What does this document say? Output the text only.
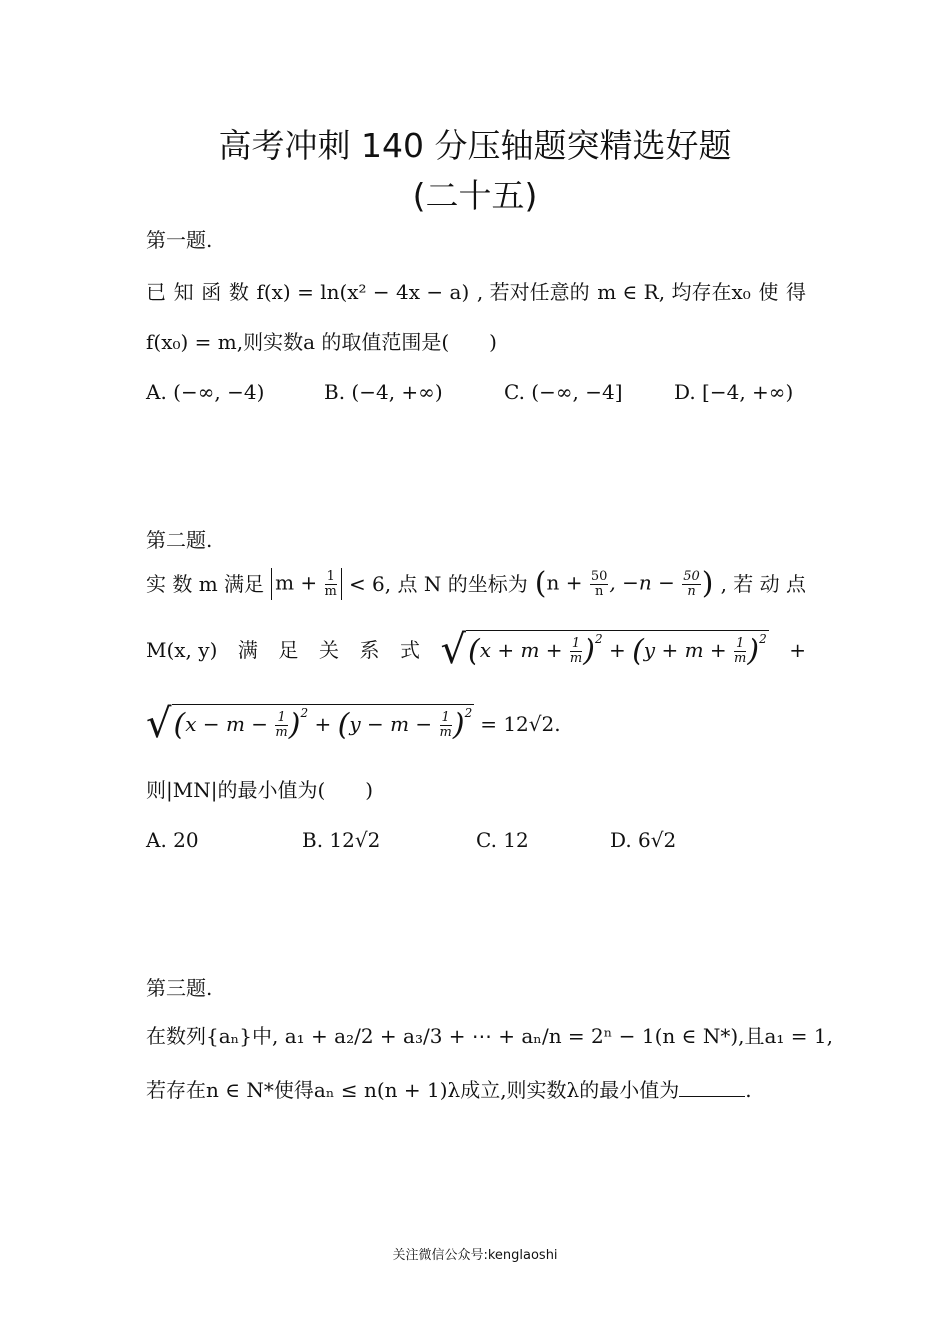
高考冲刺 140 分压轴题突精选好题
(二十五)
第一题.
已 知 函 数 f(x) = ln(x² − 4x − a) , 若对任意的 m ∈ R, 均存在x₀ 使 得
f(x₀) = m,则实数a 的取值范围是(　　)
A. (−∞, −4)	B. (−4, +∞)	C. (−∞, −4]	D. [−4, +∞)
第二题.
实 数 m 满足 $m + \frac{1}{m} < 6$, 点 N 的坐标为 ($n + \frac{50}{n}$ , $-n - \frac{50}{n}$ ) , 若 动 点
M(x, y) 满 足 关 系 式 √ $(x + m + \frac{1}{m} )^2 + (y + m + \frac{1}{m} )^2$ +
√ $(x - m - \frac{1}{m} )^2 + (y - m - \frac{1}{m} )^2 = 12√2$.
则|MN|的最小值为(　　)
A. 20	B. 12√2	C. 12	D. 6√2
第三题.
在数列{aₙ}中, a₁ + a₂/2 + a₃/3 + ⋯ + aₙ/n = 2ⁿ − 1(n ∈ N*),且a₁ = 1,
若存在n ∈ N*使得aₙ ≤ n(n + 1)λ成立,则实数λ的最小值为	.
关注微信公众号:kenglaoshi
